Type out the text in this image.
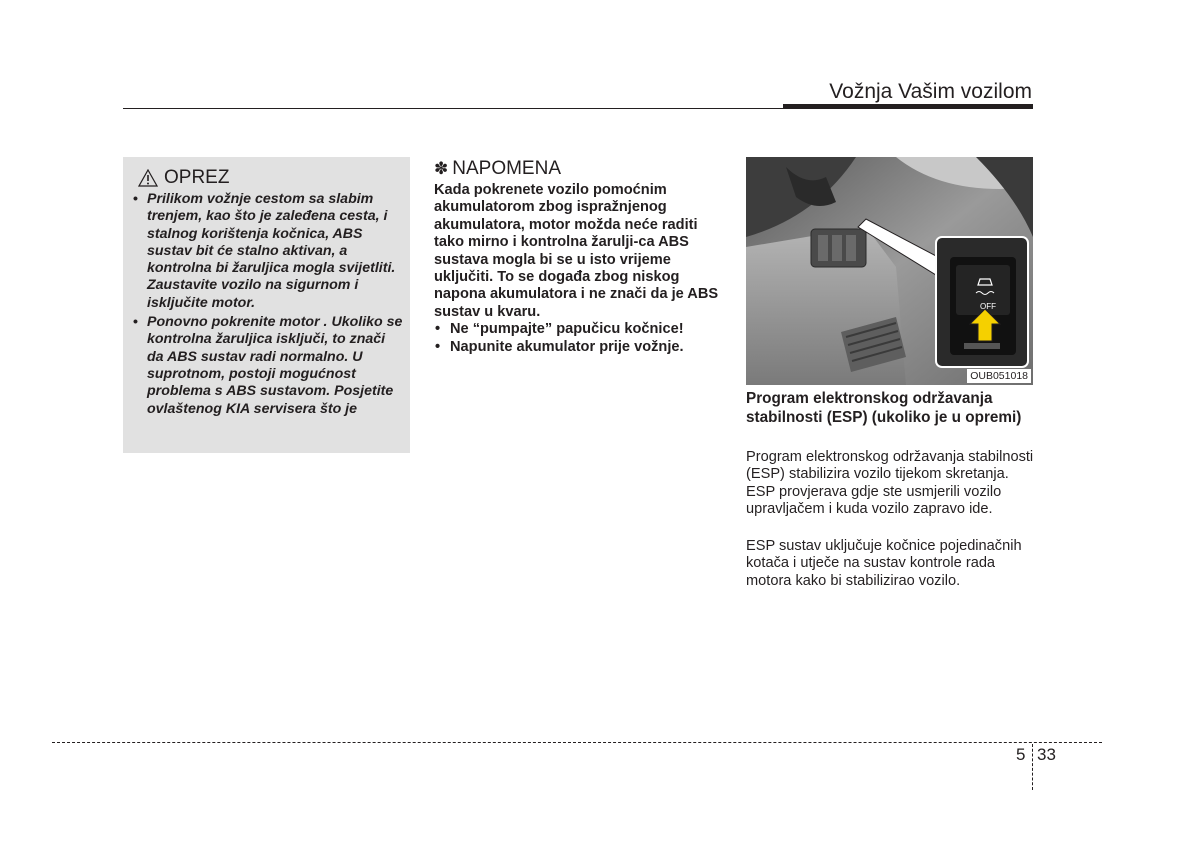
Vožnja Vašim vozilom
OPREZ
• Prilikom vožnje cestom sa slabim trenjem, kao što je zaleđena cesta, i stalnog korištenja kočnica, ABS sustav bit će stalno aktivan, a kontrolna bi žaruljica mogla svijetliti. Zaustavite vozilo na sigurnom i isključite motor.
• Ponovno pokrenite motor . Ukoliko se kontrolna žaruljica isključi, to znači da ABS sustav radi normalno. U suprotnom, postoji mogućnost problema s ABS sustavom. Posjetite ovlaštenog KIA servisera što je
✽ NAPOMENA

Kada pokrenete vozilo pomoćnim akumulatorom zbog ispražnjenog akumulatora, motor možda neće raditi tako mirno i kontrolna žarulji-ca ABS sustava mogla bi se u isto vrijeme uključiti. To se događa zbog niskog napona akumulatora i ne znači da je ABS sustav u kvaru.

• Ne “pumpajte” papučicu kočnice!
• Napunite akumulator prije vožnje.
OFF
OUB051018

Program elektronskog održavanja stabilnosti (ESP) (ukoliko je u opremi)

Program elektronskog održavanja stabilnosti (ESP) stabilizira vozilo tijekom skretanja. ESP provjerava gdje ste usmjerili vozilo upravljačem i kuda vozilo zapravo ide.

ESP sustav uključuje kočnice pojedinačnih kotača i utječe na sustav kontrole rada motora kako bi stabilizirao vozilo.

5 33
